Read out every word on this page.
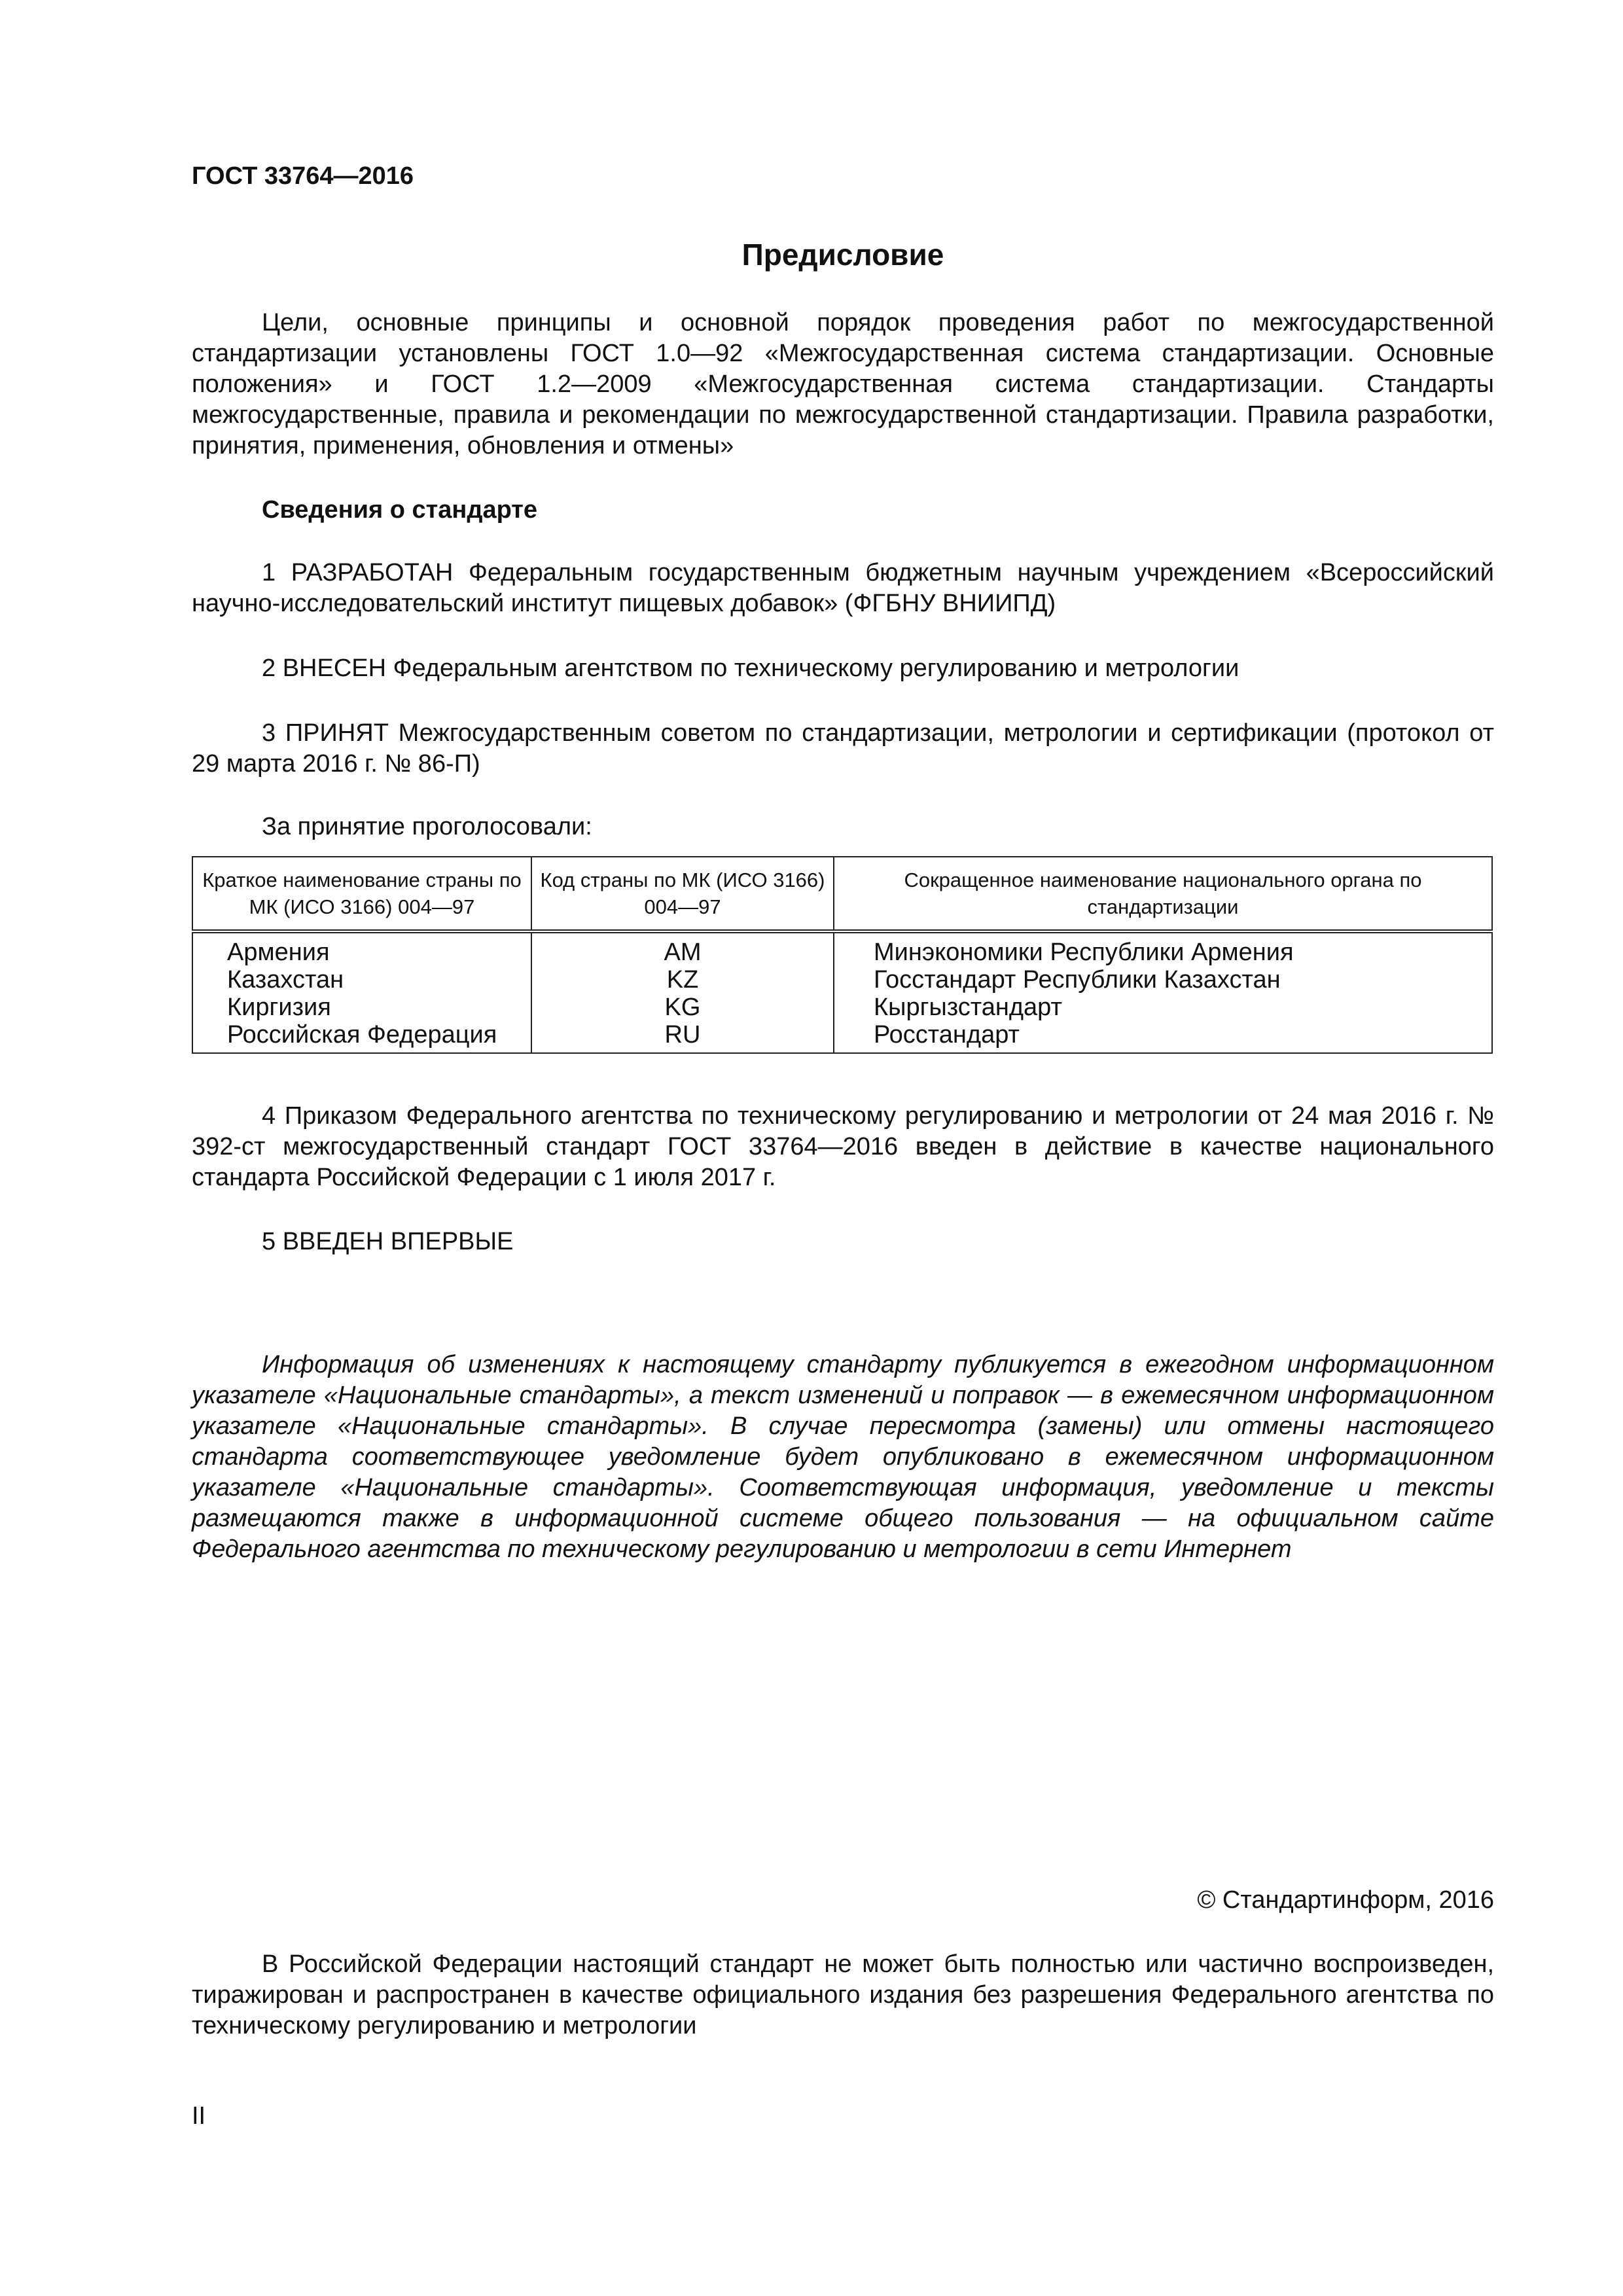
ГОСТ 33764—2016
Предисловие
Цели, основные принципы и основной порядок проведения работ по межгосударственной стандартизации установлены ГОСТ 1.0—92 «Межгосударственная система стандартизации. Основные положения» и ГОСТ 1.2—2009 «Межгосударственная система стандартизации. Стандарты межгосударственные, правила и рекомендации по межгосударственной стандартизации. Правила разработки, принятия, применения, обновления и отмены»
Сведения о стандарте
1 РАЗРАБОТАН Федеральным государственным бюджетным научным учреждением «Всероссийский научно-исследовательский институт пищевых добавок» (ФГБНУ ВНИИПД)
2 ВНЕСЕН Федеральным агентством по техническому регулированию и метрологии
3 ПРИНЯТ Межгосударственным советом по стандартизации, метрологии и сертификации (протокол от 29 марта 2016 г. № 86-П)
За принятие проголосовали:
Краткое наименование страны по МК (ИСО 3166) 004—97	Код страны по МК (ИСО 3166) 004—97	Сокращенное наименование национального органа по стандартизации
Армения	AM	Минэкономики Республики Армения
Казахстан	KZ	Госстандарт Республики Казахстан
Киргизия	KG	Кыргызстандарт
Российская Федерация	RU	Росстандарт
4 Приказом Федерального агентства по техническому регулированию и метрологии от 24 мая 2016 г. № 392-ст межгосударственный стандарт ГОСТ 33764—2016 введен в действие в качестве национального стандарта Российской Федерации с 1 июля 2017 г.
5 ВВЕДЕН ВПЕРВЫЕ
Информация об изменениях к настоящему стандарту публикуется в ежегодном информационном указателе «Национальные стандарты», а текст изменений и поправок — в ежемесячном информационном указателе «Национальные стандарты». В случае пересмотра (замены) или отмены настоящего стандарта соответствующее уведомление будет опубликовано в ежемесячном информационном указателе «Национальные стандарты». Соответствующая информация, уведомление и тексты размещаются также в информационной системе общего пользования — на официальном сайте Федерального агентства по техническому регулированию и метрологии в сети Интернет
© Стандартинформ, 2016
В Российской Федерации настоящий стандарт не может быть полностью или частично воспроизведен, тиражирован и распространен в качестве официального издания без разрешения Федерального агентства по техническому регулированию и метрологии
II
